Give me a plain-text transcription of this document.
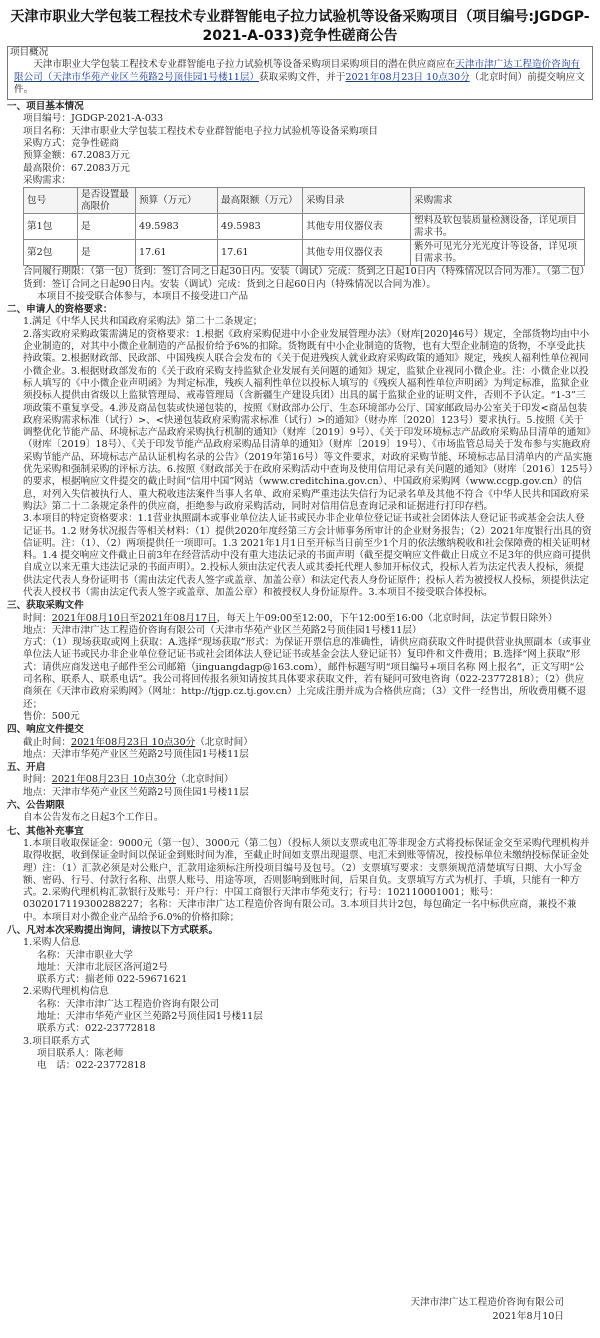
天津市职业大学包装工程技术专业群智能电子拉力试验机等设备采购项目（项目编号:JGDGP-2021-A-033)竞争性磋商公告
项目概况
天津市职业大学包装工程技术专业群智能电子拉力试验机等设备采购项目采购项目的潜在供应商应在天津市津广达工程造价咨询有限公司（天津市华苑产业区兰苑路2号顶佳园1号楼11层）获取采购文件，并于2021年08月23日 10点30分（北京时间）前提交响应文件。
一、项目基本情况
项目编号：JGDGP-2021-A-033
项目名称：天津市职业大学包装工程技术专业群智能电子拉力试验机等设备采购项目
采购方式：竞争性磋商
预算金额：67.2083万元
最高限价：67.2083万元
采购需求：
包号	是否设置最高限价	预算（万元）	最高限额（万元）	采购目录	采购需求
第1包	是	49.5983	49.5983	其他专用仪器仪表	塑料及软包装质量检测设备，详见项目需求书。
第2包	是	17.61	17.61	其他专用仪器仪表	紫外可见光分光光度计等设备，详见项目需求书。
合同履行期限：（第一包）货到：签订合同之日起30日内。安装（调试）完成：货到之日起10日内（特殊情况以合同为准）。（第二包）货到：签订合同之日起90日内。安装（调试）完成：货到之日起60日内（特殊情况以合同为准）。
本项目不接受联合体参与，本项目不接受进口产品
二、申请人的资格要求：
1.满足《中华人民共和国政府采购法》第二十二条规定；
2.落实政府采购政策需满足的资格要求：1.根据《政府采购促进中小企业发展管理办法》（财库[2020]46号）规定，全部货物均由中小企业制造的，对其中小微企业制造的产品报价给予6%的扣除。货物既有中小企业制造的货物，也有大型企业制造的货物，不享受此扶持政策。2.根据财政部、民政部、中国残疾人联合会发布的《关于促进残疾人就业政府采购政策的通知》规定，残疾人福利性单位视同小微企业。3.根据财政部发布的《关于政府采购支持监狱企业发展有关问题的通知》规定，监狱企业视同小微企业。注：小微企业以投标人填写的《中小微企业声明函》为判定标准，残疾人福利性单位以投标人填写的《残疾人福利性单位声明函》为判定标准，监狱企业须投标人提供由省级以上监狱管理局、戒毒管理局（含新疆生产建设兵团）出具的属于监狱企业的证明文件，否则不予认定。“1-3”三项政策不重复享受。4.涉及商品包装或快递包装的，按照《财政部办公厅、生态环境部办公厅、国家邮政局办公室关于印发<商品包装政府采购需求标准（试行）>、<快递包装政府采购需求标准（试行）>的通知》（财办库〔2020〕123号）要求执行。5.按照《关于调整优化节能产品、环境标志产品政府采购执行机制的通知》（财库〔2019〕9号）、《关于印发环境标志产品政府采购品目清单的通知》（财库〔2019〕18号）、《关于印发节能产品政府采购品目清单的通知》（财库〔2019〕19号）、《市场监管总局关于发布参与实施政府采购节能产品、环境标志产品认证机构名录的公告》（2019年第16号）等文件要求，对政府采购节能、环境标志品目清单内的产品实施优先采购和强制采购的评标方法。6.按照《财政部关于在政府采购活动中查询及使用信用记录有关问题的通知》（财库〔2016〕125号）的要求，根据响应文件提交的截止时间“信用中国”网站（www.creditchina.gov.cn）、中国政府采购网（www.ccgp.gov.cn）的信息，对列入失信被执行人、重大税收违法案件当事人名单、政府采购严重违法失信行为记录名单及其他不符合《中华人民共和国政府采购法》第二十二条规定条件的供应商，拒绝参与政府采购活动，同时对信用信息查询记录和证据进行打印存档。
3.本项目的特定资格要求：1.1营业执照副本或事业单位法人证书或民办非企业单位登记证书或社会团体法人登记证书或基金会法人登记证书。1.2 财务状况报告等相关材料：（1）提供2020年度经第三方会计师事务所审计的企业财务报告；（2）2021年度银行出具的资信证明。注：（1）、（2）两项提供任一项即可。1.3 2021年1月1日至开标当日前至少1个月的依法缴纳税收和社会保障费的相关证明材料。1.4 提交响应文件截止日前3年在经营活动中没有重大违法记录的书面声明（截至提交响应文件截止日成立不足3年的供应商可提供自成立以来无重大违法记录的书面声明）。2.投标人须由法定代表人或其委托代理人参加开标仪式，投标人若为法定代表人投标，须提供法定代表人身份证明书（需由法定代表人签字或盖章、加盖公章）和法定代表人身份证原件；投标人若为被授权人投标，须提供法定代表人授权书（需由法定代表人签字或盖章、加盖公章）和被授权人身份证原件。3.本项目不接受联合体投标。
三、获取采购文件
时间：2021年08月10日至2021年08月17日，每天上午09:00至12:00，下午12:00至16:00（北京时间，法定节假日除外）
地点：天津市津广达工程造价咨询有限公司（天津市华苑产业区兰苑路2号顶佳园1号楼11层）
方式：（1）现场获取或网上获取：A.选择“现场获取”形式：为保证开票信息的准确性，请供应商获取文件时提供营业执照副本（或事业单位法人证书或民办非企业单位登记证书或社会团体法人登记证书或基金会法人登记证书）复印件和文件费用；B.选择“网上获取”形式：请供应商发送电子邮件至公司邮箱（jinguangdagp@163.com），邮件标题写明“项目编号+项目名称 网上报名”，正文写明“公司名称、联系人、联系电话”。我公司将回传报名须知请按其具体要求获取文件，若有疑问可致电咨询（022-23772818）；（2）供应商须在《天津市政府采购网》（网址：http://tjgp.cz.tj.gov.cn）上完成注册并成为合格供应商；（3）文件一经售出，所收费用概不退还；
售价：500元
四、响应文件提交
截止时间：2021年08月23日 10点30分（北京时间）
地点：天津市华苑产业区兰苑路2号顶佳园1号楼11层
五、开启
时间：2021年08月23日 10点30分（北京时间）
地点：天津市华苑产业区兰苑路2号顶佳园1号楼11层
六、公告期限
自本公告发布之日起3个工作日。
七、其他补充事宜
1.本项目收取保证金：9000元（第一包）、3000元（第二包）（投标人须以支票或电汇等非现金方式将投标保证金交至采购代理机构并取得收据，收到保证金时间以保证金到账时间为准，至截止时间如支票出现退票、电汇未到账等情况，按投标单位未缴纳投标保证金处理）注：（1）汇款必须是对公账户，汇款用途须标注所投项目编号及包号。（2）支票填写要求：支票须规范清楚填写日期、大小写金额、密码、行号、付款行名称、出票人账号、用途等项，否则影响到账时间，后果自负。支票填写方式为机打、手填，只能有一种方式。2.采购代理机构汇款银行及账号：开户行：中国工商银行天津市华苑支行；行号：102110001001；账号：0302017119300288227；名称：天津市津广达工程造价咨询有限公司。3.本项目共计2包，每包确定一名中标供应商，兼投不兼中。本项目对小微企业产品给予6.0%的价格扣除；
八、凡对本次采购提出询问，请按以下方式联系。
1.采购人信息
名称：天津市职业大学
地址：天津市北辰区洛河道2号
联系方式：揣老师 022-59671621
2.采购代理机构信息
名称：天津市津广达工程造价咨询有限公司
地址：天津市华苑产业区兰苑路2号顶佳园1号楼11层
联系方式：022-23772818
3.项目联系方式
项目联系人：陈老师
电　话：022-23772818
天津市津广达工程造价咨询有限公司
2021年8月10日
